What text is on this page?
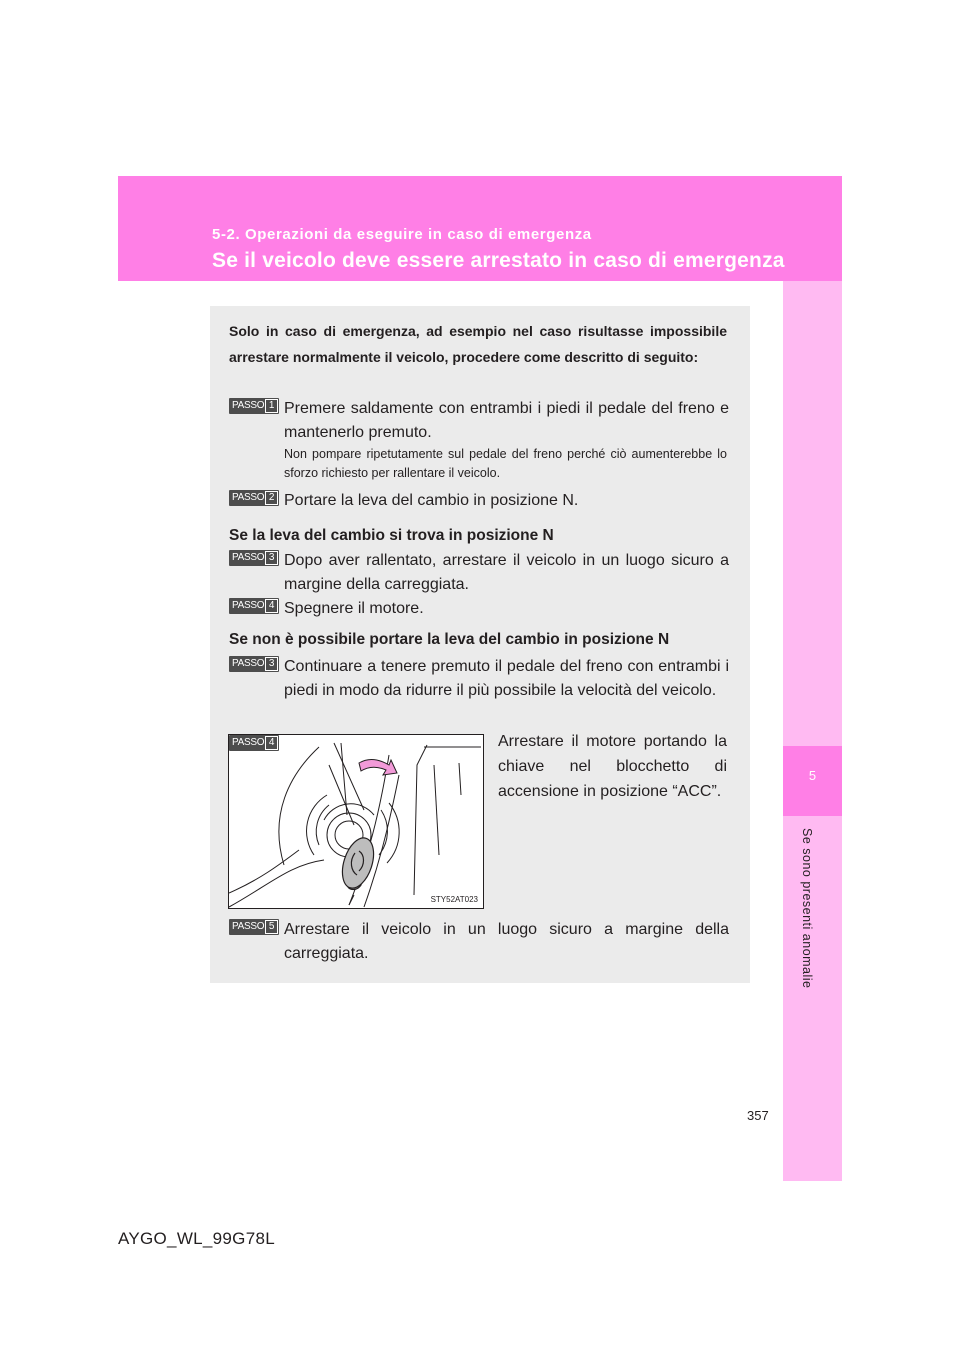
5-2. Operazioni da eseguire in caso di emergenza
Se il veicolo deve essere arrestato in caso di emergenza
5
Se sono presenti anomalie
Solo in caso di emergenza, ad esempio nel caso risultasse impossibile arrestare normalmente il veicolo, procedere come descritto di seguito:
PASSO 1 Premere saldamente con entrambi i piedi il pedale del freno e mantenerlo premuto.
Non pompare ripetutamente sul pedale del freno perché ciò aumenterebbe lo sforzo richiesto per rallentare il veicolo.
PASSO 2 Portare la leva del cambio in posizione N.
Se la leva del cambio si trova in posizione N
PASSO 3 Dopo aver rallentato, arrestare il veicolo in un luogo sicuro a margine della carreggiata.
PASSO 4 Spegnere il motore.
Se non è possibile portare la leva del cambio in posizione N
PASSO 3 Continuare a tenere premuto il pedale del freno con entrambi i piedi in modo da ridurre il più possibile la velocità del veicolo.
PASSO 4
STY52AT023
Arrestare il motore portando la chiave nel blocchetto di accensione in posizione “ACC”.
PASSO 5 Arrestare il veicolo in un luogo sicuro a margine della carreggiata.
357
AYGO_WL_99G78L
